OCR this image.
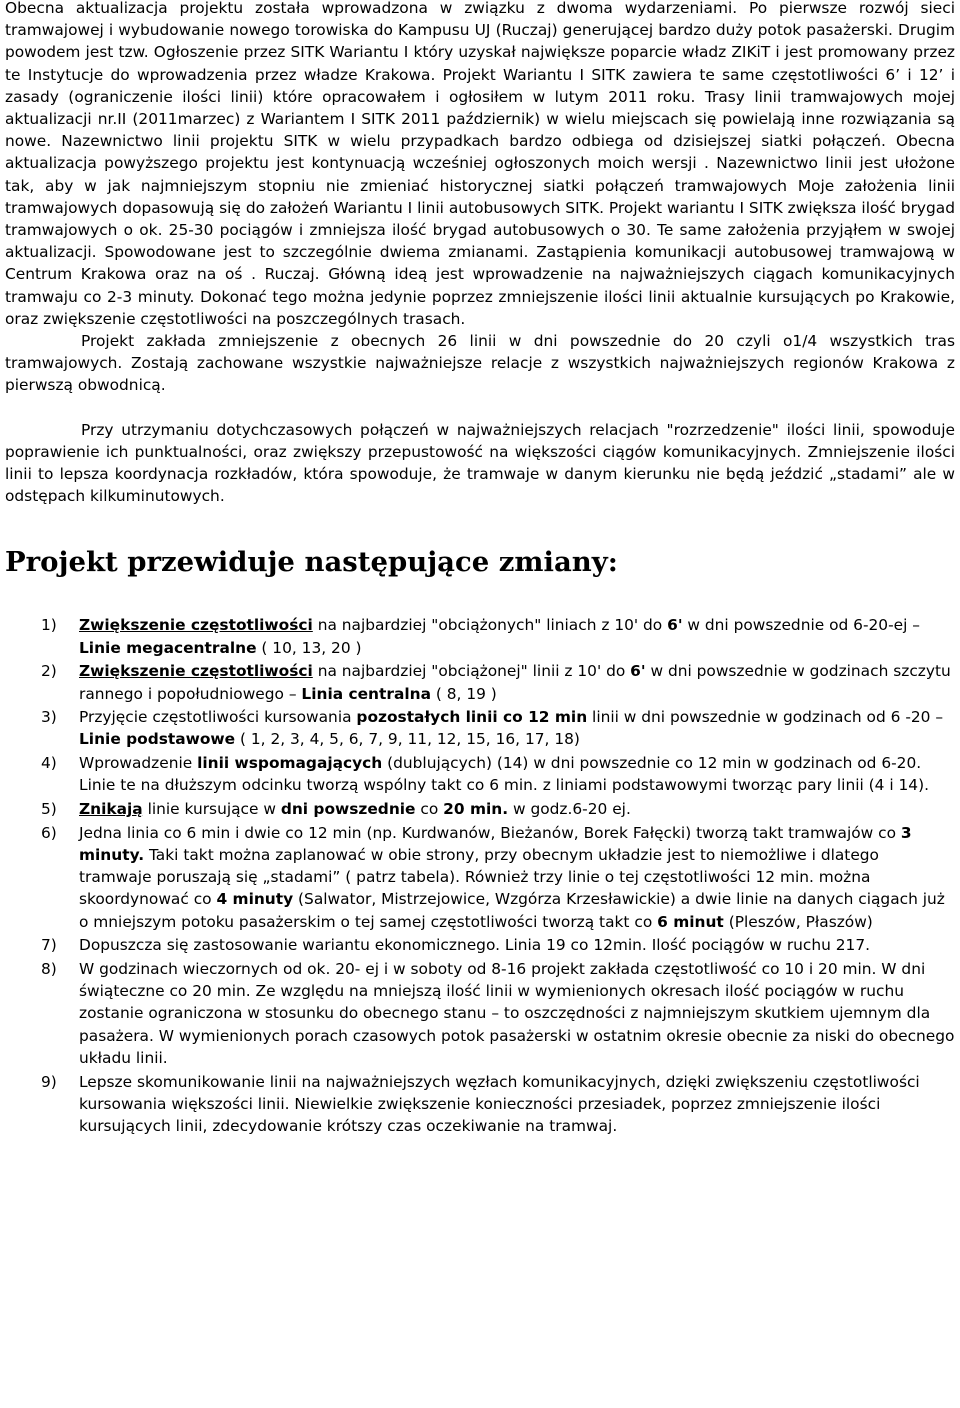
Obecna aktualizacja projektu została wprowadzona w związku z dwoma wydarzeniami. Po pierwsze rozwój sieci tramwajowej i wybudowanie nowego torowiska do Kampusu UJ (Ruczaj) generującej bardzo duży potok pasażerski. Drugim powodem jest tzw. Ogłoszenie przez SITK Wariantu I który uzyskał największe poparcie władz ZIKiT i jest promowany przez te Instytucje do wprowadzenia przez władze Krakowa. Projekt Wariantu I SITK zawiera te same częstotliwości 6’ i 12’ i zasady (ograniczenie ilości linii) które opracowałem i ogłosiłem w lutym 2011 roku. Trasy linii tramwajowych mojej aktualizacji nr.II (2011marzec) z Wariantem I SITK 2011 październik) w wielu miejscach się powielają inne rozwiązania są nowe. Nazewnictwo linii projektu SITK w wielu przypadkach bardzo odbiega od dzisiejszej siatki połączeń. Obecna aktualizacja powyższego projektu jest kontynuacją wcześniej ogłoszonych moich wersji . Nazewnictwo linii jest ułożone tak, aby w jak najmniejszym stopniu nie zmieniać historycznej siatki połączeń tramwajowych Moje założenia linii tramwajowych dopasowują się do założeń Wariantu I linii autobusowych SITK. Projekt wariantu I SITK zwiększa ilość brygad tramwajowych o ok. 25-30 pociągów i zmniejsza ilość brygad autobusowych o 30. Te same założenia przyjąłem w swojej aktualizacji. Spowodowane jest to szczególnie dwiema zmianami. Zastąpienia komunikacji autobusowej tramwajową w Centrum Krakowa oraz na oś . Ruczaj. Główną ideą jest wprowadzenie na najważniejszych ciągach komunikacyjnych tramwaju co 2-3 minuty. Dokonać tego można jedynie poprzez zmniejszenie ilości linii aktualnie kursujących po Krakowie, oraz zwiększenie częstotliwości na poszczególnych trasach.

Projekt zakłada zmniejszenie z obecnych 26 linii w dni powszednie do 20 czyli o1/4 wszystkich tras tramwajowych. Zostają zachowane wszystkie najważniejsze relacje z wszystkich najważniejszych regionów Krakowa z pierwszą obwodnicą.

Przy utrzymaniu dotychczasowych połączeń w najważniejszych relacjach "rozrzedzenie" ilości linii, spowoduje poprawienie ich punktualności, oraz zwiększy przepustowość na większości ciągów komunikacyjnych. Zmniejszenie ilości linii to lepsza koordynacja rozkładów, która spowoduje, że tramwaje w danym kierunku nie będą jeździć „stadami” ale w odstępach kilkuminutowych.

Projekt przewiduje następujące zmiany:
1) Zwiększenie częstotliwości na najbardziej "obciążonych" liniach z 10' do 6' w dni powszednie od 6-20-ej – Linie megacentralne ( 10, 13, 20 )
2) Zwiększenie częstotliwości na najbardziej "obciążonej" linii z 10' do 6' w dni powszednie w godzinach szczytu rannego i popołudniowego – Linia centralna ( 8, 19 )
3) Przyjęcie częstotliwości kursowania pozostałych linii co 12 min linii w dni powszednie w godzinach od 6 -20 – Linie podstawowe ( 1, 2, 3, 4, 5, 6, 7, 9, 11, 12, 15, 16, 17, 18)
4) Wprowadzenie linii wspomagających (dublujących) (14) w dni powszednie co 12 min w godzinach od 6-20. Linie te na dłuższym odcinku tworzą wspólny takt co 6 min. z liniami podstawowymi tworząc pary linii (4 i 14).
5) Znikają linie kursujące w dni powszednie co 20 min. w godz.6-20 ej.
6) Jedna linia co 6 min i dwie co 12 min (np. Kurdwanów, Bieżanów, Borek Fałęcki) tworzą takt tramwajów co 3 minuty. Taki takt można zaplanować w obie strony, przy obecnym układzie jest to niemożliwe i dlatego tramwaje poruszają się „stadami” ( patrz tabela). Również trzy linie o tej częstotliwości 12 min. można skoordynować co 4 minuty (Salwator, Mistrzejowice, Wzgórza Krzesławickie) a dwie linie na danych ciągach już o mniejszym potoku pasażerskim o tej samej częstotliwości tworzą takt co 6 minut (Pleszów, Płaszów)
7) Dopuszcza się zastosowanie wariantu ekonomicznego. Linia 19 co 12min. Ilość pociągów w ruchu 217.
8) W godzinach wieczornych od ok. 20- ej i w soboty od 8-16 projekt zakłada częstotliwość co 10 i 20 min. W dni świąteczne co 20 min. Ze względu na mniejszą ilość linii w wymienionych okresach ilość pociągów w ruchu zostanie ograniczona w stosunku do obecnego stanu – to oszczędności z najmniejszym skutkiem ujemnym dla pasażera. W wymienionych porach czasowych potok pasażerski w ostatnim okresie obecnie za niski do obecnego układu linii.
9) Lepsze skomunikowanie linii na najważniejszych węzłach komunikacyjnych, dzięki zwiększeniu częstotliwości kursowania większości linii. Niewielkie zwiększenie konieczności przesiadek, poprzez zmniejszenie ilości kursujących linii, zdecydowanie krótszy czas oczekiwanie na tramwaj.
